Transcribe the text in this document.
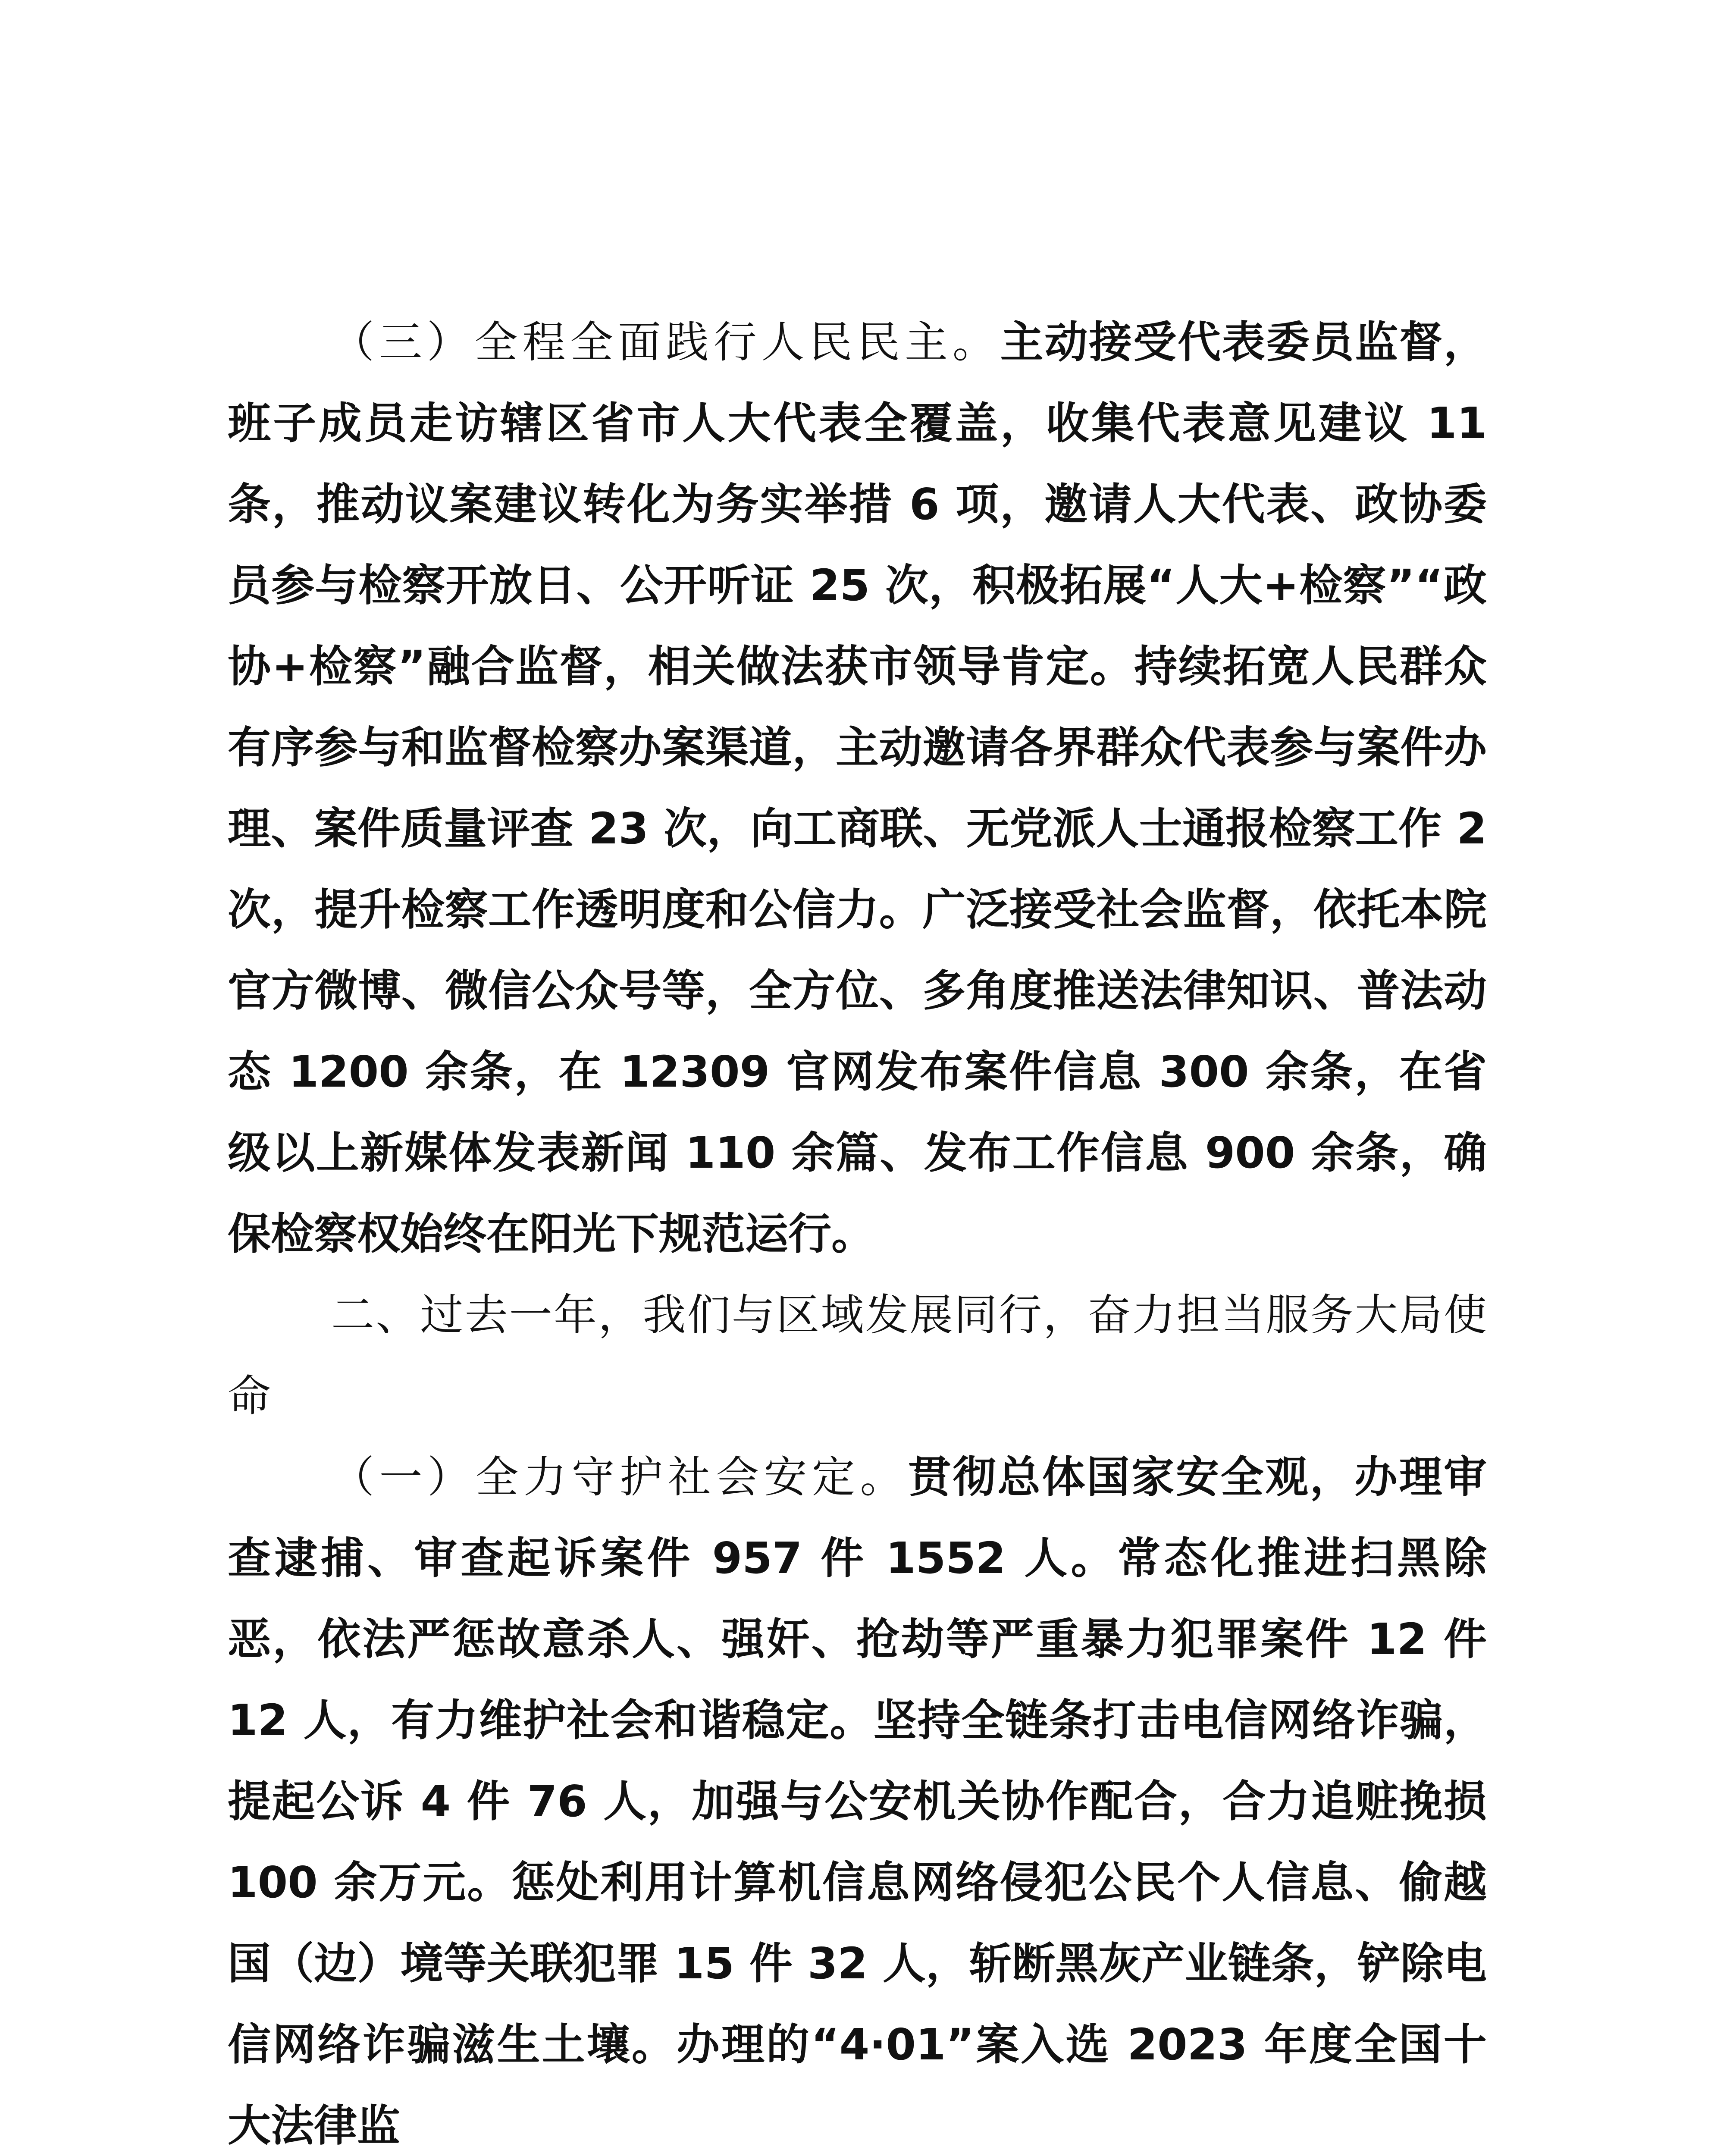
（三）全程全面践行人民民主。主动接受代表委员监督，班子成员走访辖区省市人大代表全覆盖，收集代表意见建议 11 条，推动议案建议转化为务实举措 6 项，邀请人大代表、政协委员参与检察开放日、公开听证 25 次，积极拓展“人大+检察”“政协+检察”融合监督，相关做法获市领导肯定。持续拓宽人民群众有序参与和监督检察办案渠道，主动邀请各界群众代表参与案件办理、案件质量评查 23 次，向工商联、无党派人士通报检察工作 2 次，提升检察工作透明度和公信力。广泛接受社会监督，依托本院官方微博、微信公众号等，全方位、多角度推送法律知识、普法动态 1200 余条，在 12309 官网发布案件信息 300 余条，在省级以上新媒体发表新闻 110 余篇、发布工作信息 900 余条，确保检察权始终在阳光下规范运行。

二、过去一年，我们与区域发展同行，奋力担当服务大局使命

（一）全力守护社会安定。贯彻总体国家安全观，办理审查逮捕、审查起诉案件 957 件 1552 人。常态化推进扫黑除恶，依法严惩故意杀人、强奸、抢劫等严重暴力犯罪案件 12 件 12 人，有力维护社会和谐稳定。坚持全链条打击电信网络诈骗，提起公诉 4 件 76 人，加强与公安机关协作配合，合力追赃挽损 100 余万元。惩处利用计算机信息网络侵犯公民个人信息、偷越国（边）境等关联犯罪 15 件 32 人，斩断黑灰产业链条，铲除电信网络诈骗滋生土壤。办理的“4·01”案入选 2023 年度全国十大法律监
